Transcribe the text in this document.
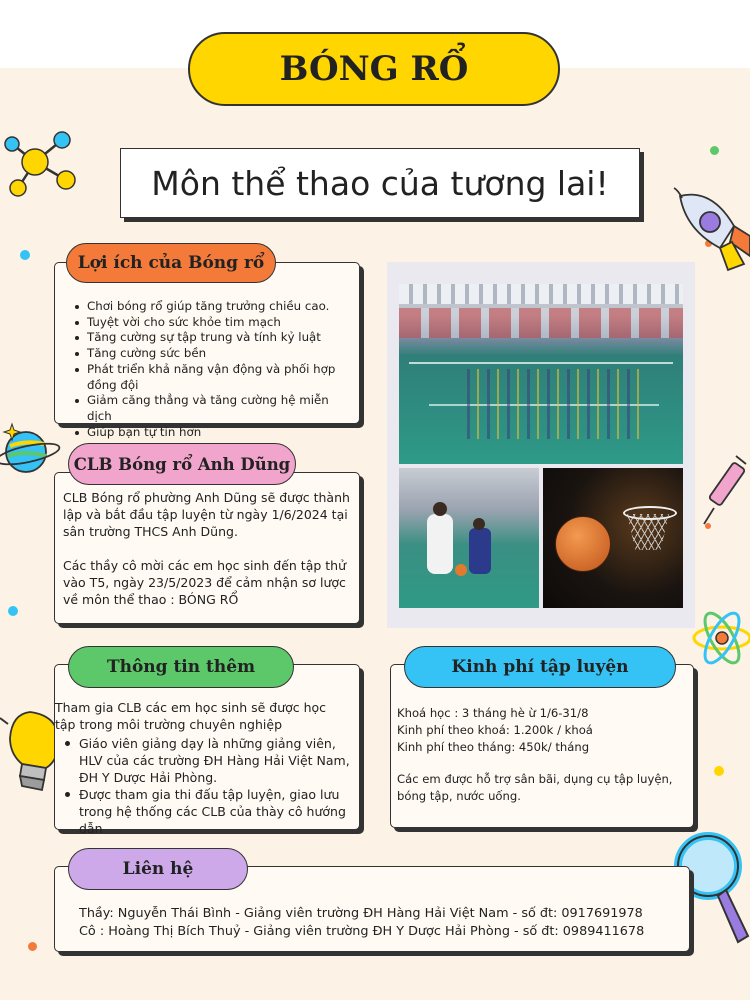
BÓNG RỔ
Môn thể thao của tương lai!
Chơi bóng rổ giúp tăng trưởng chiều cao.
Tuyệt vời cho sức khỏe tim mạch
Tăng cường sự tập trung và tính kỷ luật
Tăng cường sức bền
Phát triển khả năng vận động và phối hợp đồng đội
Giảm căng thẳng và tăng cường hệ miễn dịch
Giúp bạn tự tin hơn
Lợi ích của Bóng rổ
CLB Bóng rổ phường Anh Dũng sẽ được thành lập và bắt đầu tập luyện từ ngày 1/6/2024 tại sân trường THCS Anh Dũng.
Các thầy cô mời các em học sinh đến tập thử vào T5, ngày 23/5/2023 để cảm nhận sơ lược về môn thể thao : BÓNG RỔ
CLB Bóng rổ Anh Dũng
Tham gia CLB các em học sinh sẽ được học tập trong môi trường chuyên nghiệp
Giáo viên giảng dạy là những giảng viên, HLV của các trường ĐH Hàng Hải Việt Nam, ĐH Y Dược Hải Phòng.
Được tham gia thi đấu tập luyện, giao lưu trong hệ thống các CLB của thày cô hướng dẫn
Thông tin thêm
Khoá học : 3 tháng hè ừ 1/6-31/8
Kinh phí theo khoá: 1.200k / khoá
Kinh phí theo tháng: 450k/ tháng
Các em được hỗ trợ sân bãi, dụng cụ tập luyện, bóng tập, nước uống.
Kinh phí tập luyện
Thầy: Nguyễn Thái Bình - Giảng viên trường ĐH Hàng Hải Việt Nam - số đt: 0917691978
Cô : Hoàng Thị Bích Thuỷ - Giảng viên trường ĐH Y Dược Hải Phòng - số đt: 0989411678
Liên hệ
